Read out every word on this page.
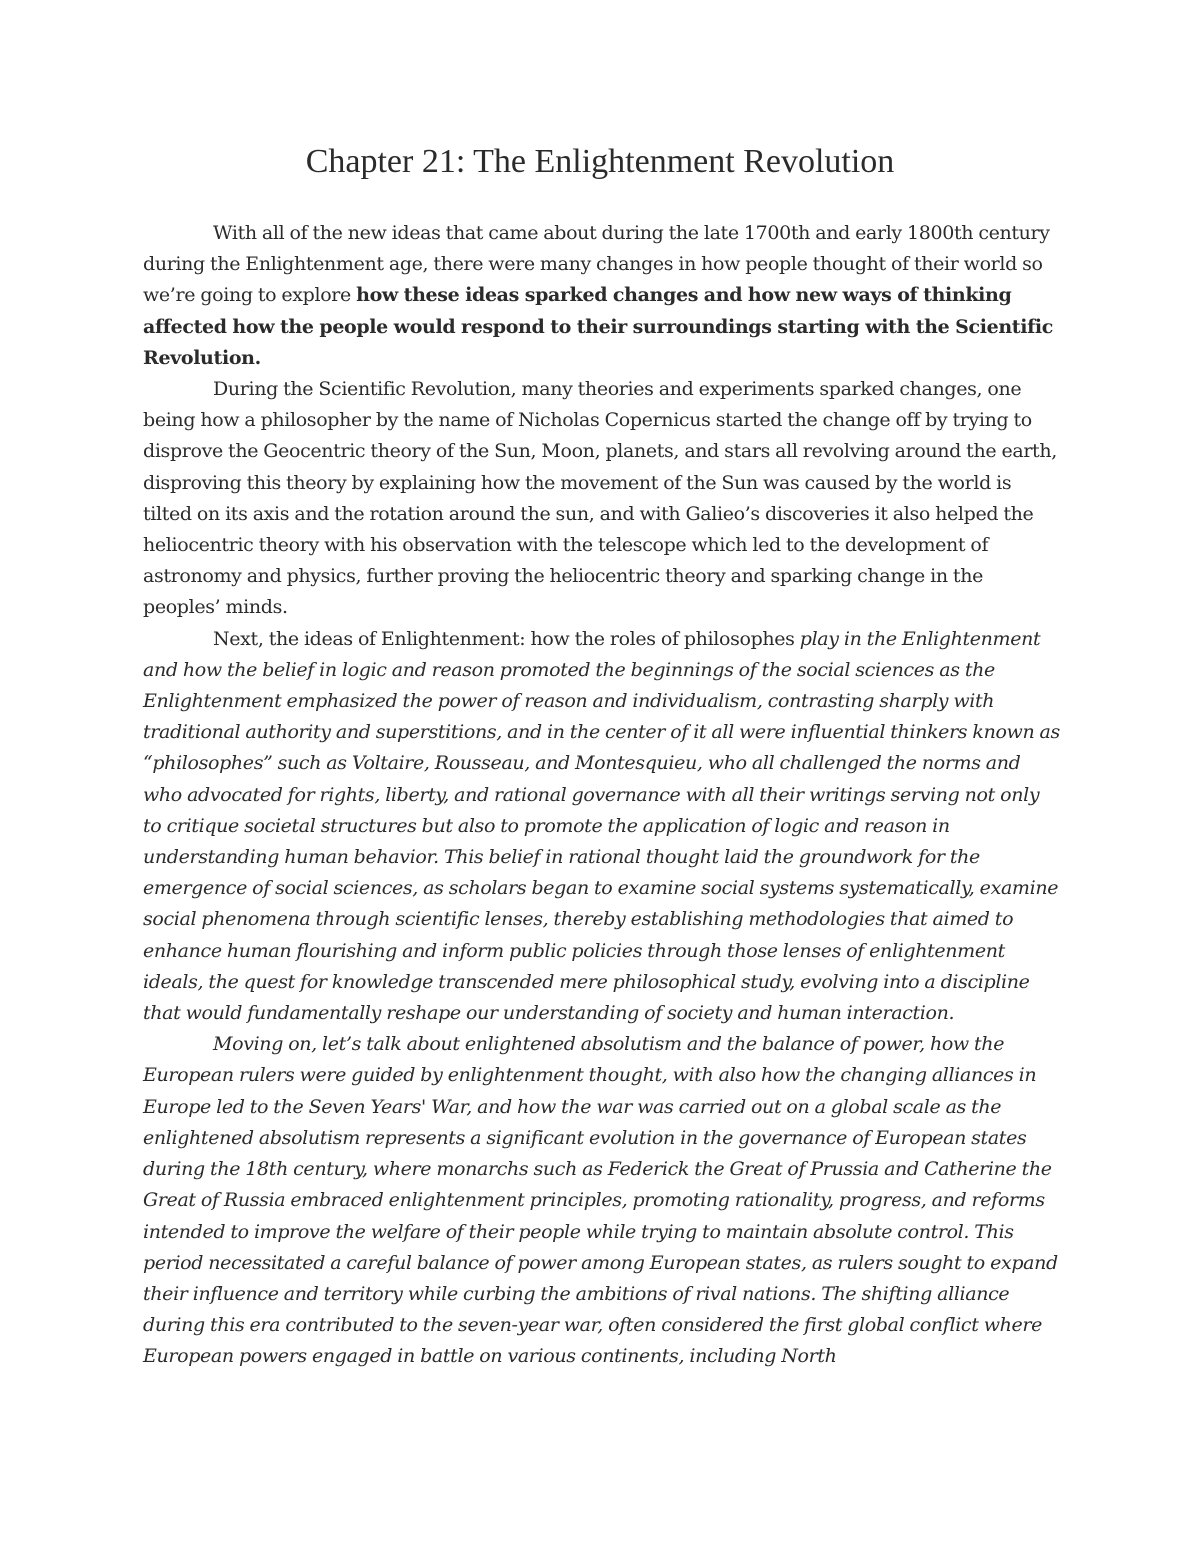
Chapter 21: The Enlightenment Revolution

With all of the new ideas that came about during the late 1700th and early 1800th century during the Enlightenment age, there were many changes in how people thought of their world so we’re going to explore how these ideas sparked changes and how new ways of thinking affected how the people would respond to their surroundings starting with the Scientific Revolution.

During the Scientific Revolution, many theories and experiments sparked changes, one being how a philosopher by the name of Nicholas Copernicus started the change off by trying to disprove the Geocentric theory of the Sun, Moon, planets, and stars all revolving around the earth, disproving this theory by explaining how the movement of the Sun was caused by the world is tilted on its axis and the rotation around the sun, and with Galieo’s discoveries it also helped the heliocentric theory with his observation with the telescope which led to the development of astronomy and physics, further proving the heliocentric theory and sparking change in the peoples’ minds.

Next, the ideas of Enlightenment: how the roles of philosophes play in the Enlightenment and how the belief in logic and reason promoted the beginnings of the social sciences as the Enlightenment emphasized the power of reason and individualism, contrasting sharply with traditional authority and superstitions, and in the center of it all were influential thinkers known as “philosophes” such as Voltaire, Rousseau, and Montesquieu, who all challenged the norms and who advocated for rights, liberty, and rational governance with all their writings serving not only to critique societal structures but also to promote the application of logic and reason in understanding human behavior. This belief in rational thought laid the groundwork for the emergence of social sciences, as scholars began to examine social systems systematically, examine social phenomena through scientific lenses, thereby establishing methodologies that aimed to enhance human flourishing and inform public policies through those lenses of enlightenment ideals, the quest for knowledge transcended mere philosophical study, evolving into a discipline that would fundamentally reshape our understanding of society and human interaction.

Moving on, let’s talk about enlightened absolutism and the balance of power, how the European rulers were guided by enlightenment thought, with also how the changing alliances in Europe led to the Seven Years' War, and how the war was carried out on a global scale as the enlightened absolutism represents a significant evolution in the governance of European states during the 18th century, where monarchs such as Federick the Great of Prussia and Catherine the Great of Russia embraced enlightenment principles, promoting rationality, progress, and reforms intended to improve the welfare of their people while trying to maintain absolute control. This period necessitated a careful balance of power among European states, as rulers sought to expand their influence and territory while curbing the ambitions of rival nations. The shifting alliance during this era contributed to the seven-year war, often considered the first global conflict where European powers engaged in battle on various continents, including North
